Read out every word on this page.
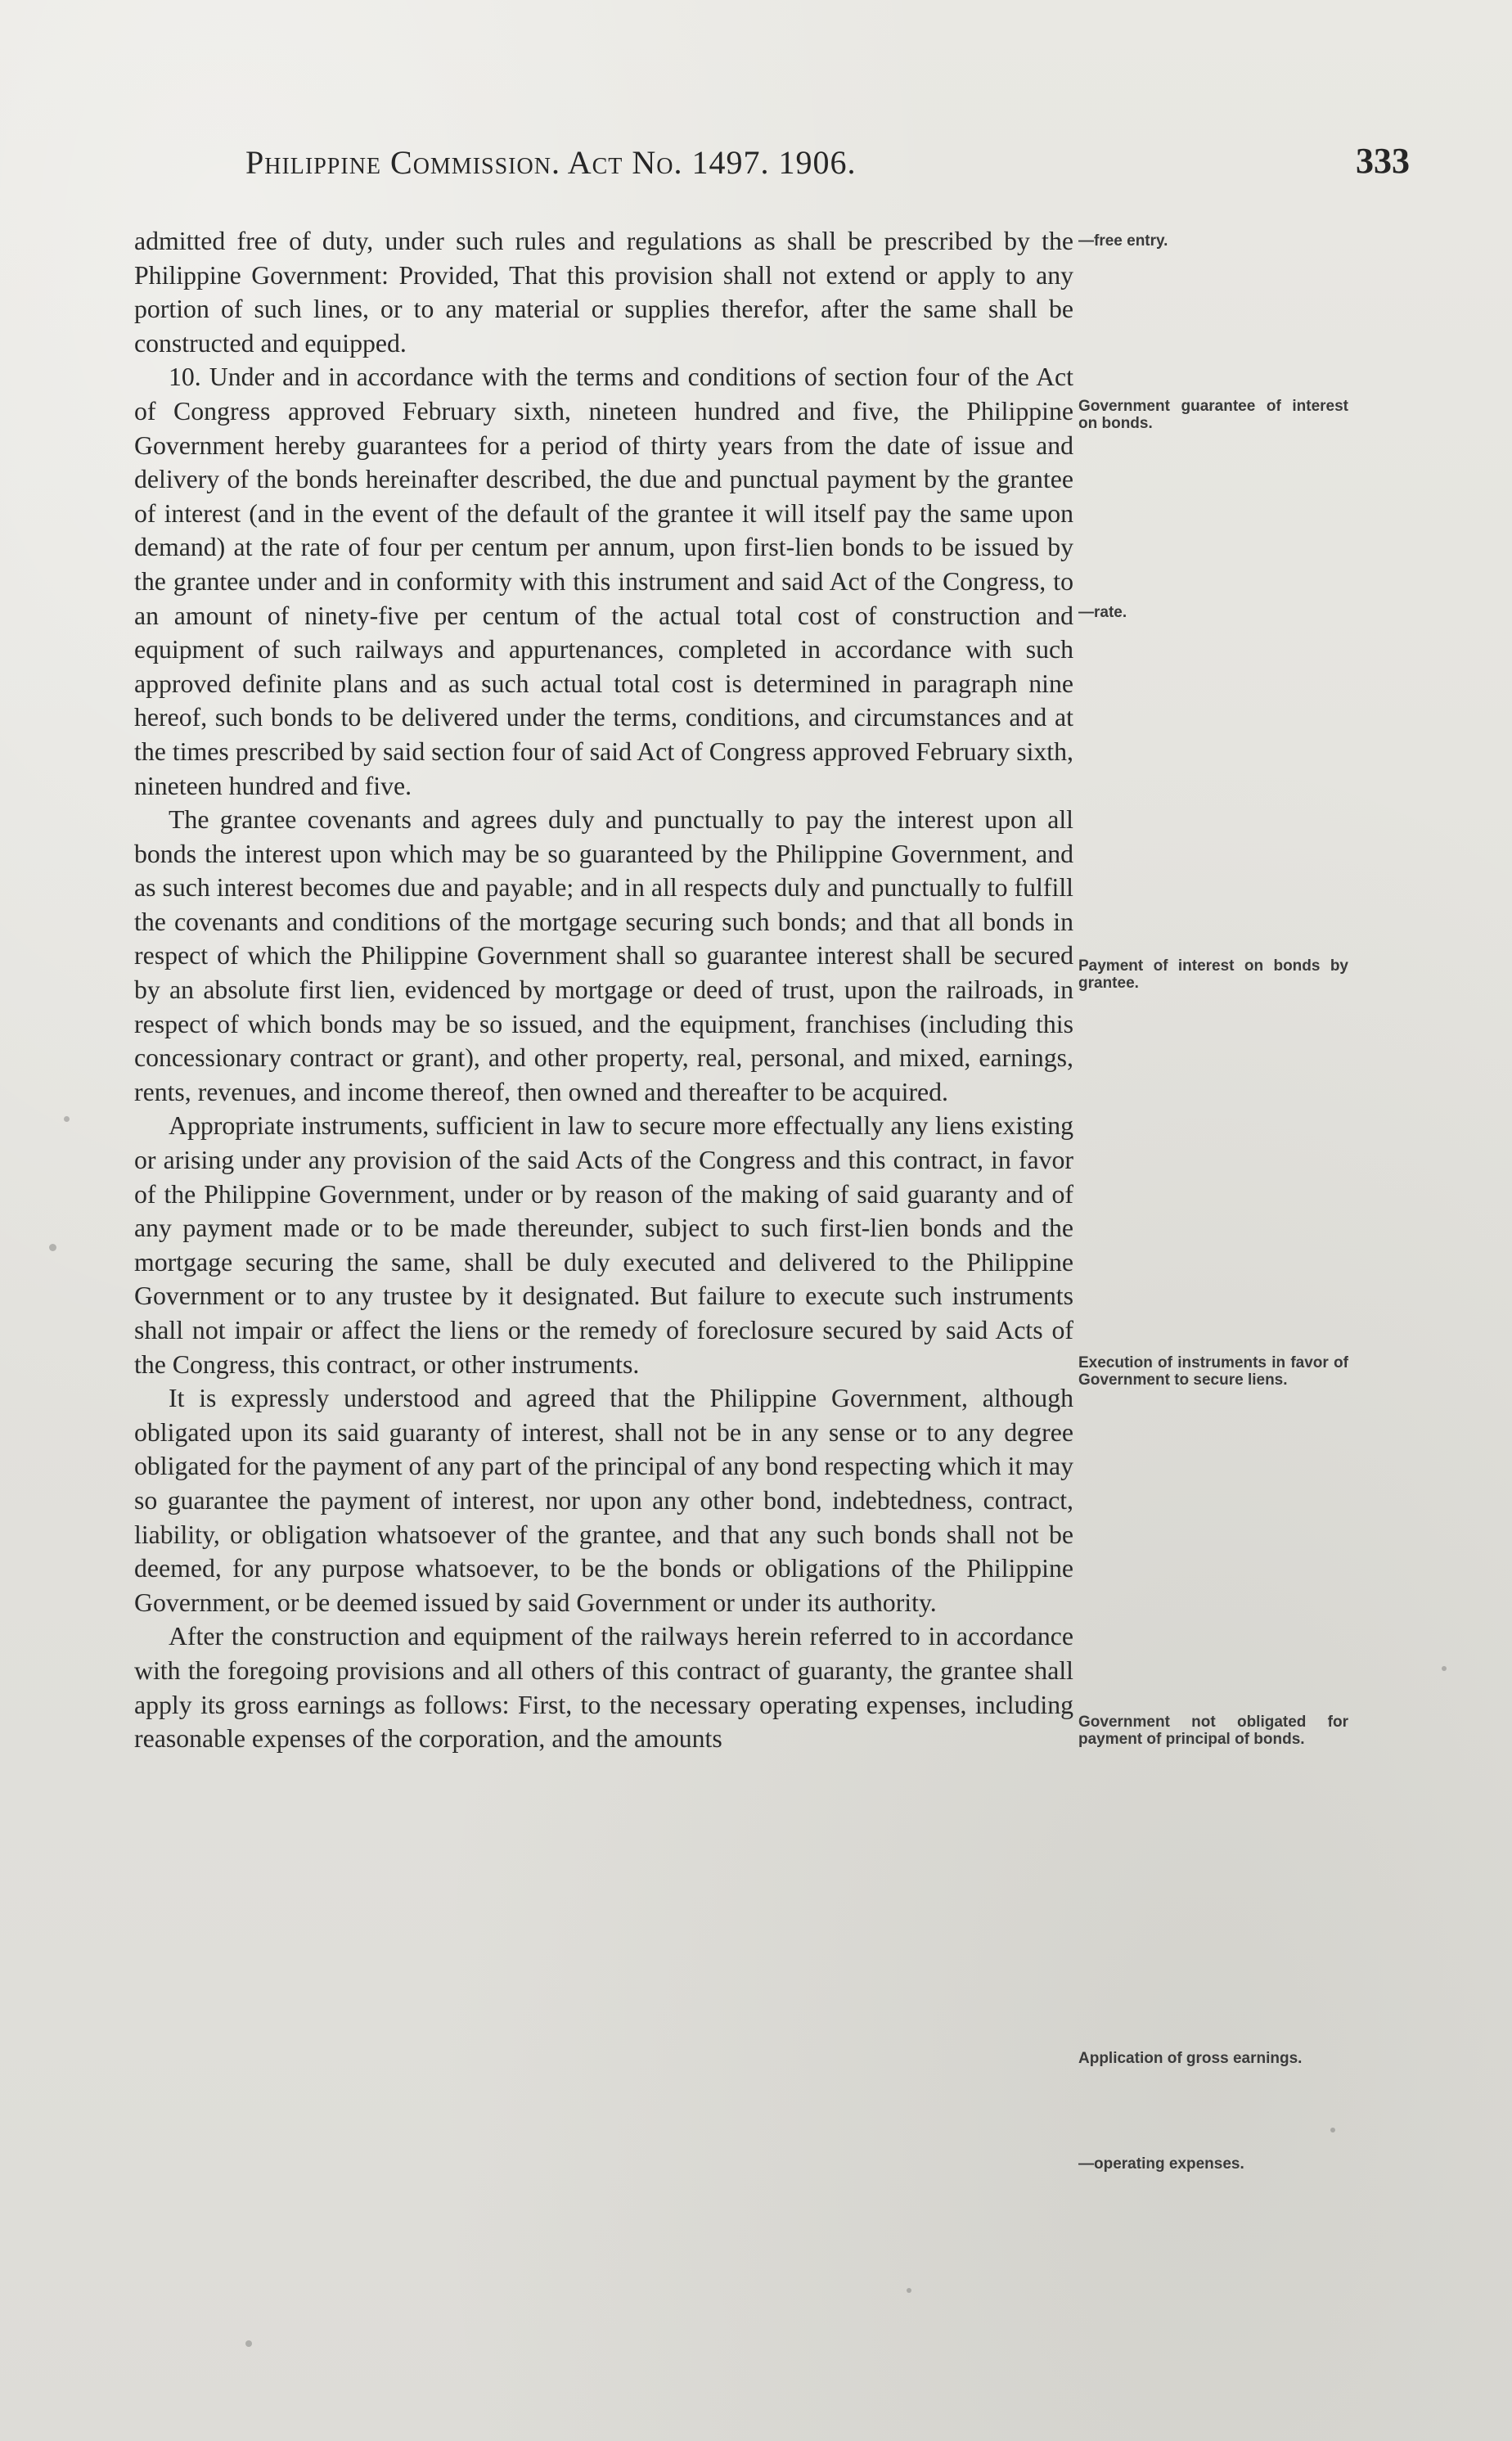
Philippine Commission. Act No. 1497. 1906.	333

admitted free of duty, under such rules and regulations as shall be prescribed by the Philippine Government: Provided, That this provision shall not extend or apply to any portion of such lines, or to any material or supplies therefor, after the same shall be constructed and equipped.

10. Under and in accordance with the terms and conditions of section four of the Act of Congress approved February sixth, nineteen hundred and five, the Philippine Government hereby guarantees for a period of thirty years from the date of issue and delivery of the bonds hereinafter described, the due and punctual payment by the grantee of interest (and in the event of the default of the grantee it will itself pay the same upon demand) at the rate of four per centum per annum, upon first-lien bonds to be issued by the grantee under and in conformity with this instrument and said Act of the Congress, to an amount of ninety-five per centum of the actual total cost of construction and equipment of such railways and appurtenances, completed in accordance with such approved definite plans and as such actual total cost is determined in paragraph nine hereof, such bonds to be delivered under the terms, conditions, and circumstances and at the times prescribed by said section four of said Act of Congress approved February sixth, nineteen hundred and five.

The grantee covenants and agrees duly and punctually to pay the interest upon all bonds the interest upon which may be so guaranteed by the Philippine Government, and as such interest becomes due and payable; and in all respects duly and punctually to fulfill the covenants and conditions of the mortgage securing such bonds; and that all bonds in respect of which the Philippine Government shall so guarantee interest shall be secured by an absolute first lien, evidenced by mortgage or deed of trust, upon the railroads, in respect of which bonds may be so issued, and the equipment, franchises (including this concessionary contract or grant), and other property, real, personal, and mixed, earnings, rents, revenues, and income thereof, then owned and thereafter to be acquired.

Appropriate instruments, sufficient in law to secure more effectually any liens existing or arising under any provision of the said Acts of the Congress and this contract, in favor of the Philippine Government, under or by reason of the making of said guaranty and of any payment made or to be made thereunder, subject to such first-lien bonds and the mortgage securing the same, shall be duly executed and delivered to the Philippine Government or to any trustee by it designated. But failure to execute such instruments shall not impair or affect the liens or the remedy of foreclosure secured by said Acts of the Congress, this contract, or other instruments.

It is expressly understood and agreed that the Philippine Government, although obligated upon its said guaranty of interest, shall not be in any sense or to any degree obligated for the payment of any part of the principal of any bond respecting which it may so guarantee the payment of interest, nor upon any other bond, indebtedness, contract, liability, or obligation whatsoever of the grantee, and that any such bonds shall not be deemed, for any purpose whatsoever, to be the bonds or obligations of the Philippine Government, or be deemed issued by said Government or under its authority.

After the construction and equipment of the railways herein referred to in accordance with the foregoing provisions and all others of this contract of guaranty, the grantee shall apply its gross earnings as follows: First, to the necessary operating expenses, including reasonable expenses of the corporation, and the amounts

—free entry.
Government guarantee of interest on bonds.
—rate.
Payment of interest on bonds by grantee.
Execution of instruments in favor of Government to secure liens.
Government not obligated for payment of principal of bonds.
Application of gross earnings.
—operating expenses.
